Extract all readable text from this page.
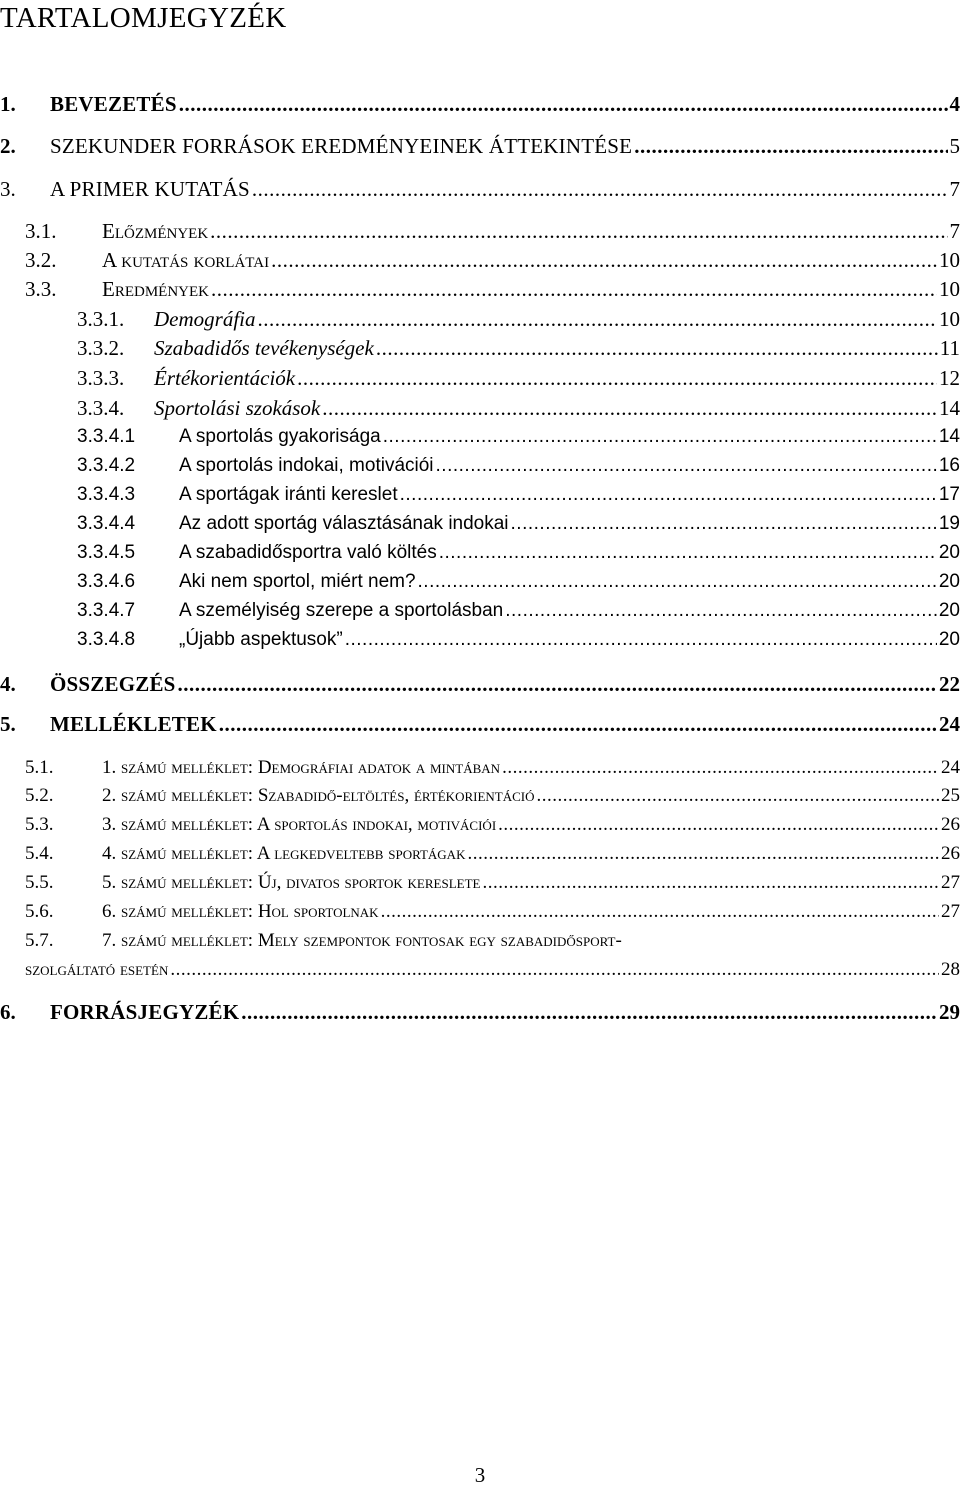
TARTALOMJEGYZÉK
1.	BEVEZETÉS .....	4
2.	SZEKUNDER FORRÁSOK EREDMÉNYEINEK ÁTTEKINTÉSE .....	5
3.	A PRIMER KUTATÁS .....	7
3.1.	Előzmények .....	7
3.2.	A kutatás korlátai .....	10
3.3.	Eredmények .....	10
3.3.1.	Demográfia .....	10
3.3.2.	Szabadidős tevékenységek .....	11
3.3.3.	Értékorientációk .....	12
3.3.4.	Sportolási szokások .....	14
3.3.4.1	A sportolás gyakorisága .....	14
3.3.4.2	A sportolás indokai, motivációi .....	16
3.3.4.3	A sportágak iránti kereslet .....	17
3.3.4.4	Az adott sportág választásának indokai .....	19
3.3.4.5	A szabadidősportra való költés .....	20
3.3.4.6	Aki nem sportol, miért nem? .....	20
3.3.4.7	A személyiség szerepe a sportolásban .....	20
3.3.4.8	„Újabb aspektusok” .....	20
4.	ÖSSZEGZÉS .....	22
5.	MELLÉKLETEK .....	24
5.1.	1. számú melléklet: Demográfiai adatok a mintában .....	24
5.2.	2. számú melléklet: Szabadidő-eltöltés, értékorientáció .....	25
5.3.	3. számú melléklet: A sportolás indokai, motivációi .....	26
5.4.	4. számú melléklet: A legkedveltebb sportágak .....	26
5.5.	5. számú melléklet: Új, divatos sportok kereslete .....	27
5.6.	6. számú melléklet: Hol sportolnak .....	27
5.7.	7. számú melléklet: Mely szempontok fontosak egy szabadidősport-
szolgáltató esetén .....	28
6.	FORRÁSJEGYZÉK .....	29
3
